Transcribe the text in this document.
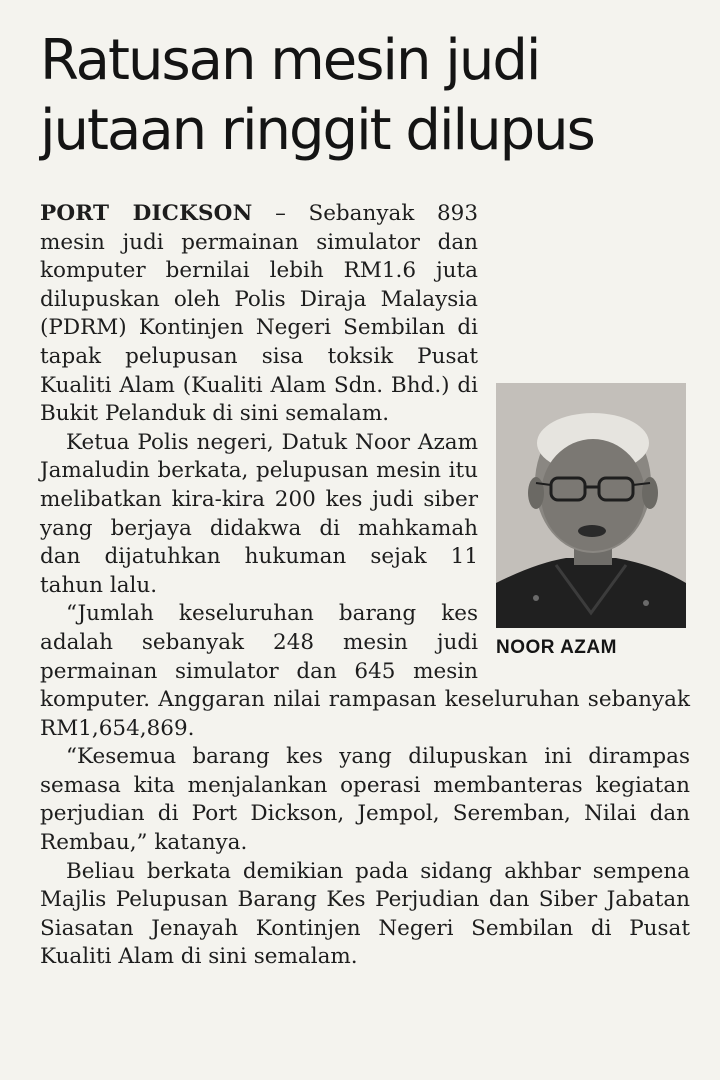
Ratusan mesin judi
jutaan ringgit dilupus
NOOR AZAM

PORT DICKSON – Sebanyak 893 mesin judi permainan simulator dan komputer bernilai lebih RM1.6 juta dilupuskan oleh Polis Diraja Malaysia (PDRM) Kontinjen Negeri Sembilan di tapak pelupusan sisa toksik Pusat Kualiti Alam (Kualiti Alam Sdn. Bhd.) di Bukit Pelanduk di sini semalam.

Ketua Polis negeri, Datuk Noor Azam Jamaludin berkata, pelupusan mesin itu melibatkan kira-kira 200 kes judi siber yang berjaya didakwa di mahkamah dan dijatuhkan hukuman sejak 11 tahun lalu.

“Jumlah keseluruhan barang kes adalah sebanyak 248 mesin judi permainan simulator dan 645 mesin komputer. Anggaran nilai rampasan keseluruhan sebanyak RM1,654,869.

“Kesemua barang kes yang dilupuskan ini dirampas semasa kita menjalankan operasi membanteras kegiatan perjudian di Port Dickson, Jempol, Seremban, Nilai dan Rembau,” katanya.

Beliau berkata demikian pada sidang akhbar sempena Majlis Pelupusan Barang Kes Perjudian dan Siber Jabatan Siasatan Jenayah Kontinjen Negeri Sembilan di Pusat Kualiti Alam di sini semalam.
